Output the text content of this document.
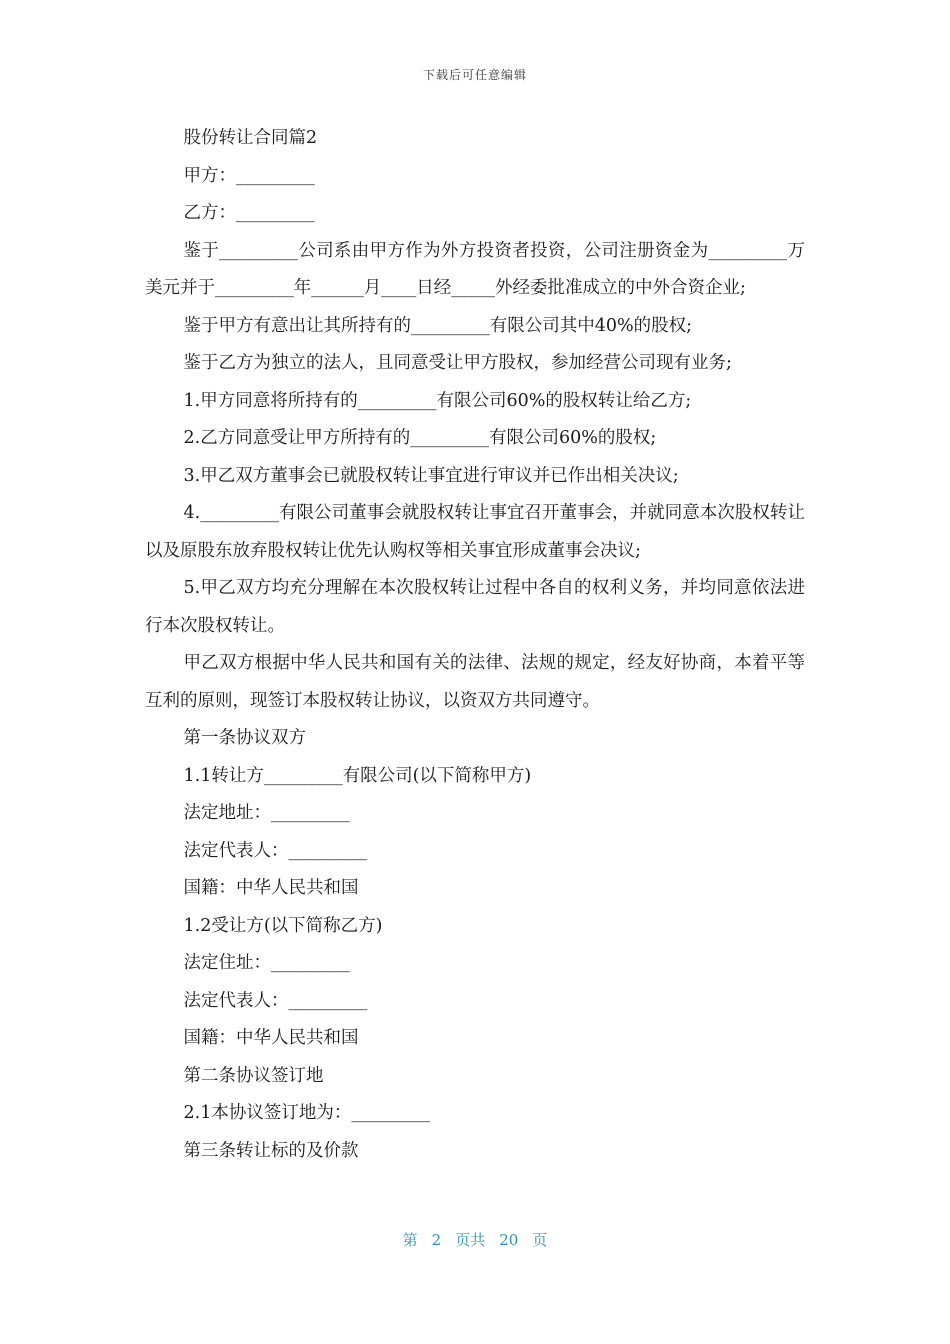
下载后可任意编辑

股份转让合同篇2

甲方：_________

乙方：_________

鉴于_________公司系由甲方作为外方投资者投资，公司注册资金为_________万美元并于_________年______月____日经_____外经委批准成立的中外合资企业;

鉴于甲方有意出让其所持有的_________有限公司其中40%的股权;

鉴于乙方为独立的法人，且同意受让甲方股权，参加经营公司现有业务;

1.甲方同意将所持有的_________有限公司60%的股权转让给乙方;

2.乙方同意受让甲方所持有的_________有限公司60%的股权;

3.甲乙双方董事会已就股权转让事宜进行审议并已作出相关决议;

4._________有限公司董事会就股权转让事宜召开董事会，并就同意本次股权转让以及原股东放弃股权转让优先认购权等相关事宜形成董事会决议;

5.甲乙双方均充分理解在本次股权转让过程中各自的权利义务，并均同意依法进行本次股权转让。

甲乙双方根据中华人民共和国有关的法律、法规的规定，经友好协商，本着平等互利的原则，现签订本股权转让协议，以资双方共同遵守。

第一条协议双方

1.1转让方_________有限公司(以下简称甲方)

法定地址：_________

法定代表人：_________

国籍：中华人民共和国

1.2受让方(以下简称乙方)

法定住址：_________

法定代表人：_________

国籍：中华人民共和国

第二条协议签订地

2.1本协议签订地为：_________

第三条转让标的及价款

第 2 页共 20 页
